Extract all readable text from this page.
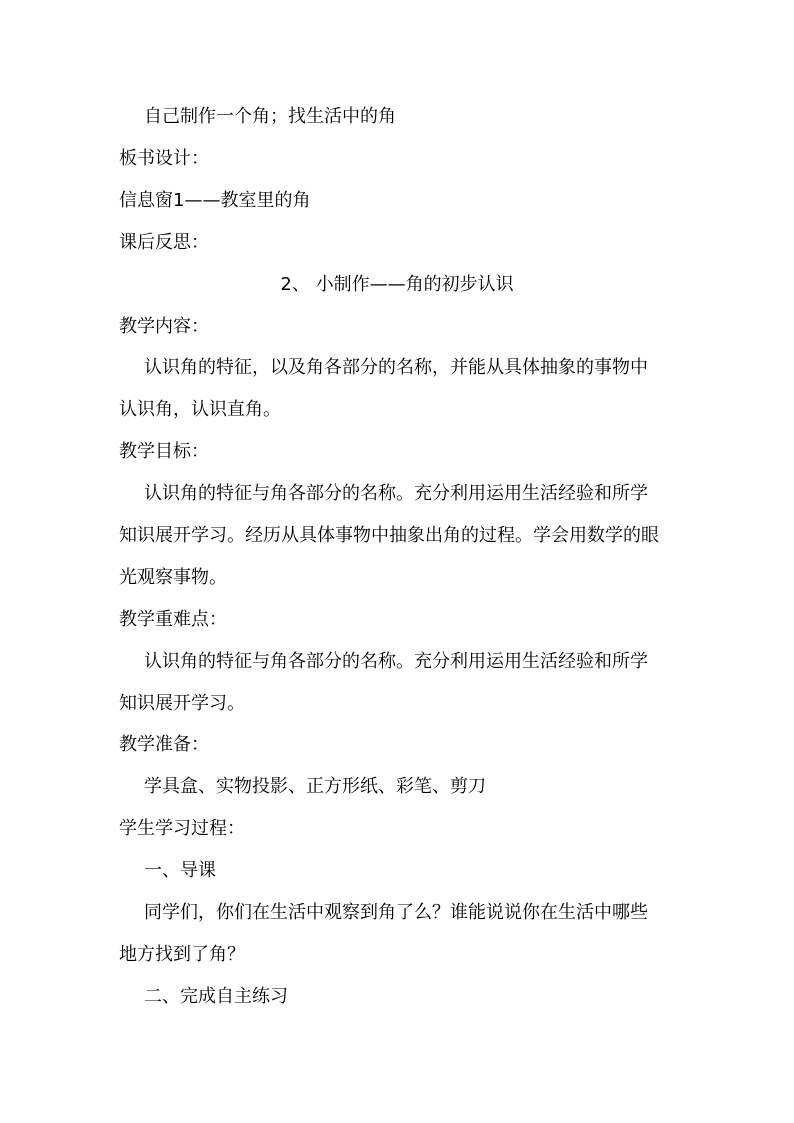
自己制作一个角；找生活中的角
板书设计：
信息窗1——教室里的角
课后反思：
2、 小制作——角的初步认识
教学内容：
认识角的特征，以及角各部分的名称，并能从具体抽象的事物中
认识角，认识直角。
教学目标：
认识角的特征与角各部分的名称。充分利用运用生活经验和所学
知识展开学习。经历从具体事物中抽象出角的过程。学会用数学的眼
光观察事物。
教学重难点：
认识角的特征与角各部分的名称。充分利用运用生活经验和所学
知识展开学习。
教学准备：
学具盒、实物投影、正方形纸、彩笔、剪刀
学生学习过程：
一、导课
同学们，你们在生活中观察到角了么？谁能说说你在生活中哪些
地方找到了角？
二、完成自主练习
